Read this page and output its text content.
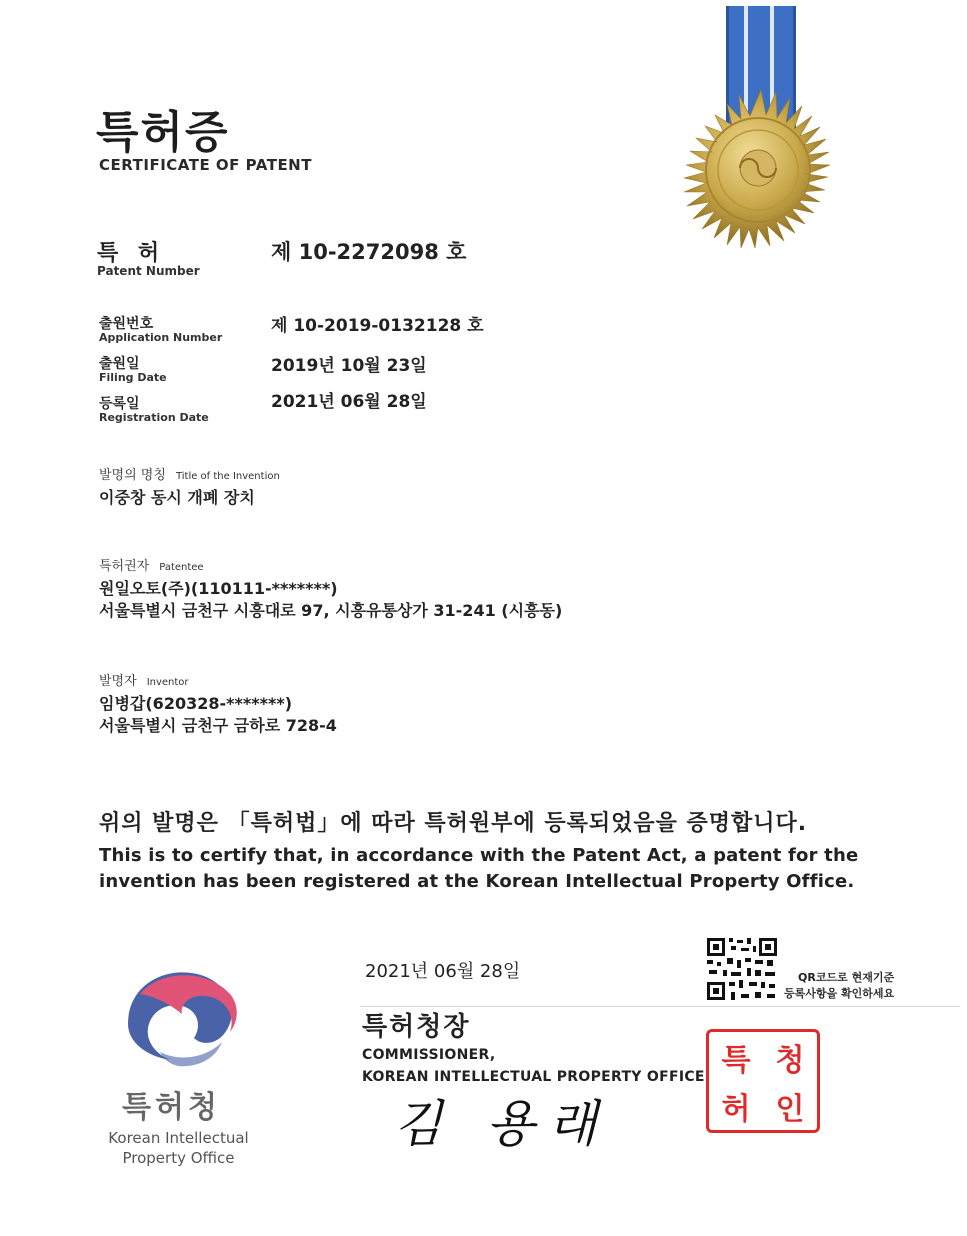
특허증
CERTIFICATE OF PATENT
특 허
Patent Number
제 10-2272098 호
출원번호
Application Number
제 10-2019-0132128 호
출원일
Filing Date
2019년 10월 23일
등록일
Registration Date
2021년 06월 28일
발명의 명칭 Title of the Invention
이중창 동시 개폐 장치
특허권자 Patentee
원일오토(주)(110111-*******)
서울특별시 금천구 시흥대로 97, 시흥유통상가 31-241 (시흥동)
발명자 Inventor
임병갑(620328-*******)
서울특별시 금천구 금하로 728-4
위의 발명은 「특허법」에 따라 특허원부에 등록되었음을 증명합니다.
This is to certify that, in accordance with the Patent Act, a patent for the invention has been registered at the Korean Intellectual Property Office.
2021년 06월 28일	QR코드로 현재기준
등록사항을 확인하세요
특허청장
COMMISSIONER,
KOREAN INTELLECTUAL PROPERTY OFFICE
김 용래
특 청
허 인
특허청
Korean Intellectual
Property Office
